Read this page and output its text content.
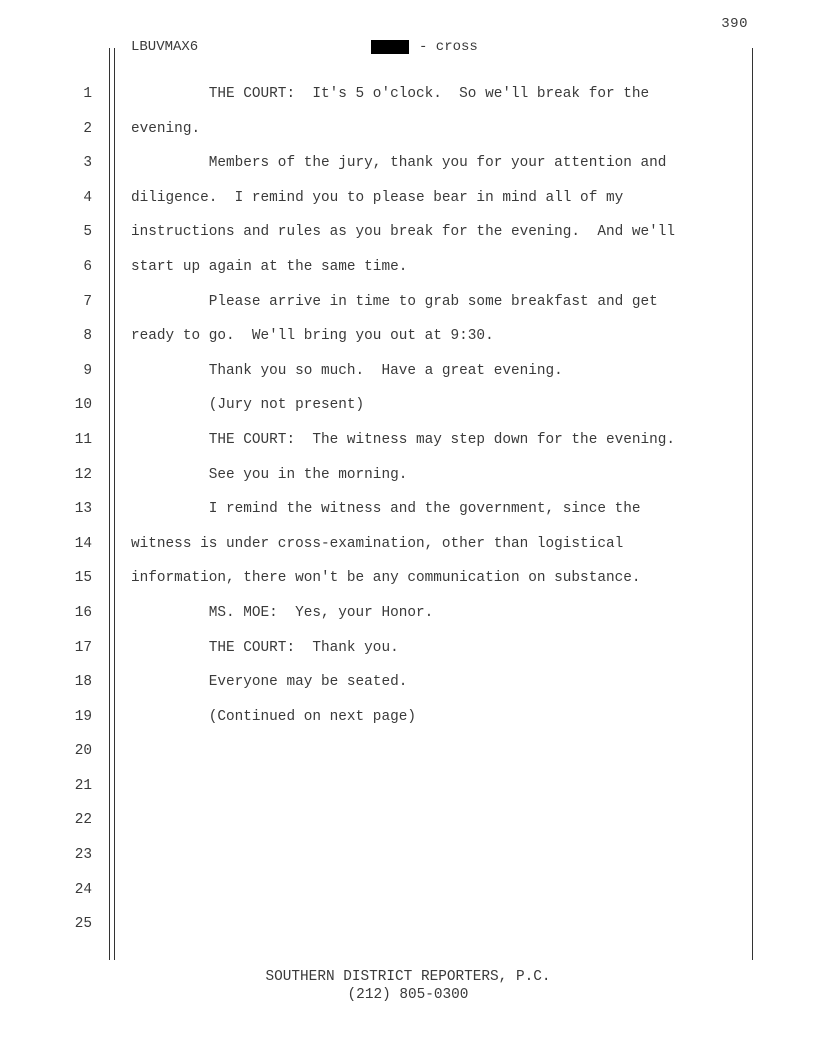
390
LBUVMAX6	- cross
1	THE COURT:  It's 5 o'clock.  So we'll break for the
2	evening.
3	Members of the jury, thank you for your attention and
4	diligence.  I remind you to please bear in mind all of my
5	instructions and rules as you break for the evening.  And we'll
6	start up again at the same time.
7	Please arrive in time to grab some breakfast and get
8	ready to go.  We'll bring you out at 9:30.
9	Thank you so much.  Have a great evening.
10	(Jury not present)
11	THE COURT:  The witness may step down for the evening.
12	See you in the morning.
13	I remind the witness and the government, since the
14	witness is under cross-examination, other than logistical
15	information, there won't be any communication on substance.
16	MS. MOE:  Yes, your Honor.
17	THE COURT:  Thank you.
18	Everyone may be seated.
19	(Continued on next page)
20
21
22
23
24
25
SOUTHERN DISTRICT REPORTERS, P.C.
(212) 805-0300
